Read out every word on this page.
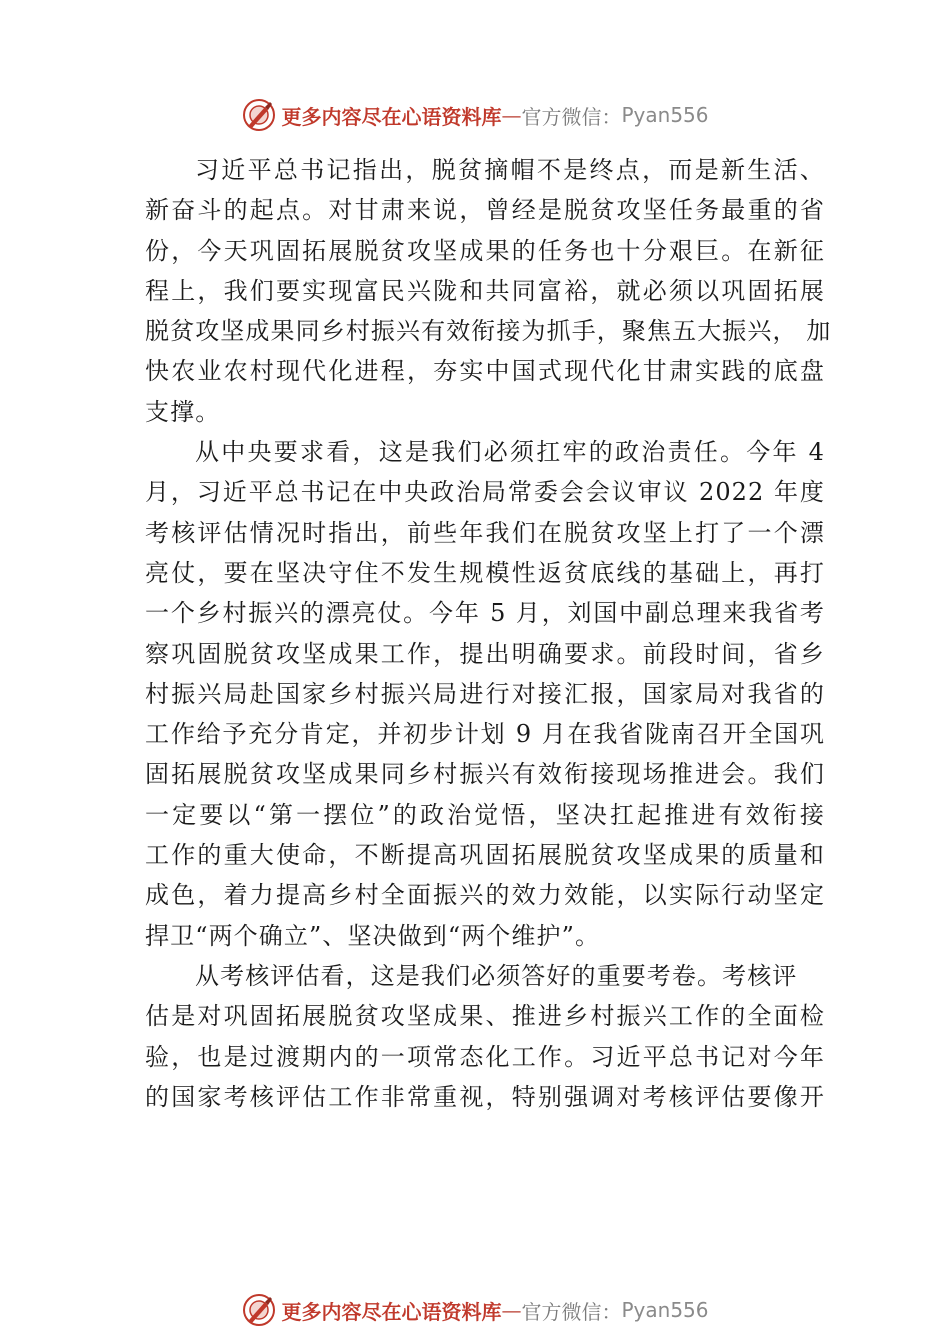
更多内容尽在心语资料库 — 官方微信： Pyan556
习近平总书记指出，脱贫摘帽不是终点，而是新生活、
新奋斗的起点。对甘肃来说，曾经是脱贫攻坚任务最重的省
份，今天巩固拓展脱贫攻坚成果的任务也十分艰巨。在新征
程上，我们要实现富民兴陇和共同富裕，就必须以巩固拓展
脱贫攻坚成果同乡村振兴有效衔接为抓手，聚焦五大振兴， 加
快农业农村现代化进程，夯实中国式现代化甘肃实践的底盘
支撑。
从中央要求看，这是我们必须扛牢的政治责任。今年 4
月，习近平总书记在中央政治局常委会会议审议 2022 年度
考核评估情况时指出，前些年我们在脱贫攻坚上打了一个漂
亮仗，要在坚决守住不发生规模性返贫底线的基础上，再打
一个乡村振兴的漂亮仗。今年 5 月，刘国中副总理来我省考
察巩固脱贫攻坚成果工作，提出明确要求。前段时间，省乡
村振兴局赴国家乡村振兴局进行对接汇报，国家局对我省的
工作给予充分肯定，并初步计划 9 月在我省陇南召开全国巩
固拓展脱贫攻坚成果同乡村振兴有效衔接现场推进会。我们
一定要以“第一摆位”的政治觉悟，坚决扛起推进有效衔接
工作的重大使命，不断提高巩固拓展脱贫攻坚成果的质量和
成色，着力提高乡村全面振兴的效力效能，以实际行动坚定
捍卫“两个确立”、坚决做到“两个维护”。
从考核评估看，这是我们必须答好的重要考卷。考核评
估是对巩固拓展脱贫攻坚成果、推进乡村振兴工作的全面检
验，也是过渡期内的一项常态化工作。习近平总书记对今年
的国家考核评估工作非常重视，特别强调对考核评估要像开
更多内容尽在心语资料库 — 官方微信： Pyan556
